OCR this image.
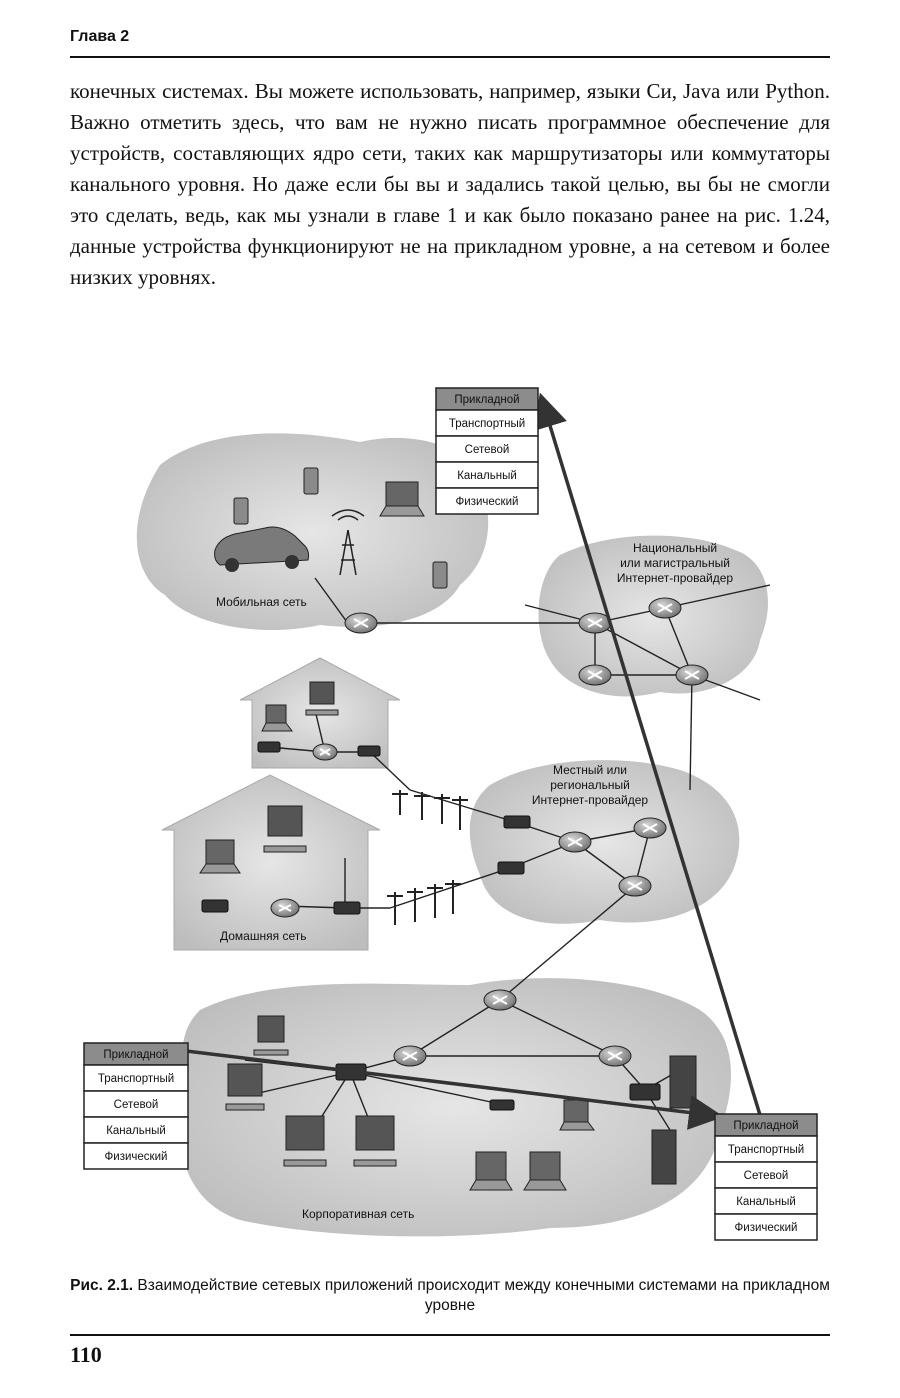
Глава 2

конечных системах. Вы можете использовать, например, языки Си, Java или Python. Важно отметить здесь, что вам не нужно писать программное обеспечение для устройств, составляющих ядро сети, таких как маршрутизаторы или коммутаторы канального уровня. Но даже если бы вы и задались такой целью, вы бы не смогли это сделать, ведь, как мы узнали в главе 1 и как было показано ранее на рис. 1.24, данные устройства функционируют не на прикладном уровне, а на сетевом и более низких уровнях.

Мобильная сеть
Национальный
или магистральный
Интернет-провайдер
Местный или
региональный
Интернет-провайдер
Домашняя сеть
Корпоративная сеть
Прикладной
Транспортный
Сетевой
Канальный
Физический
Прикладной
Транспортный
Сетевой
Канальный
Физический
Прикладной
Транспортный
Сетевой
Канальный
Физический
Рис. 2.1. Взаимодействие сетевых приложений происходит между конечными системами на прикладном уровне
110
